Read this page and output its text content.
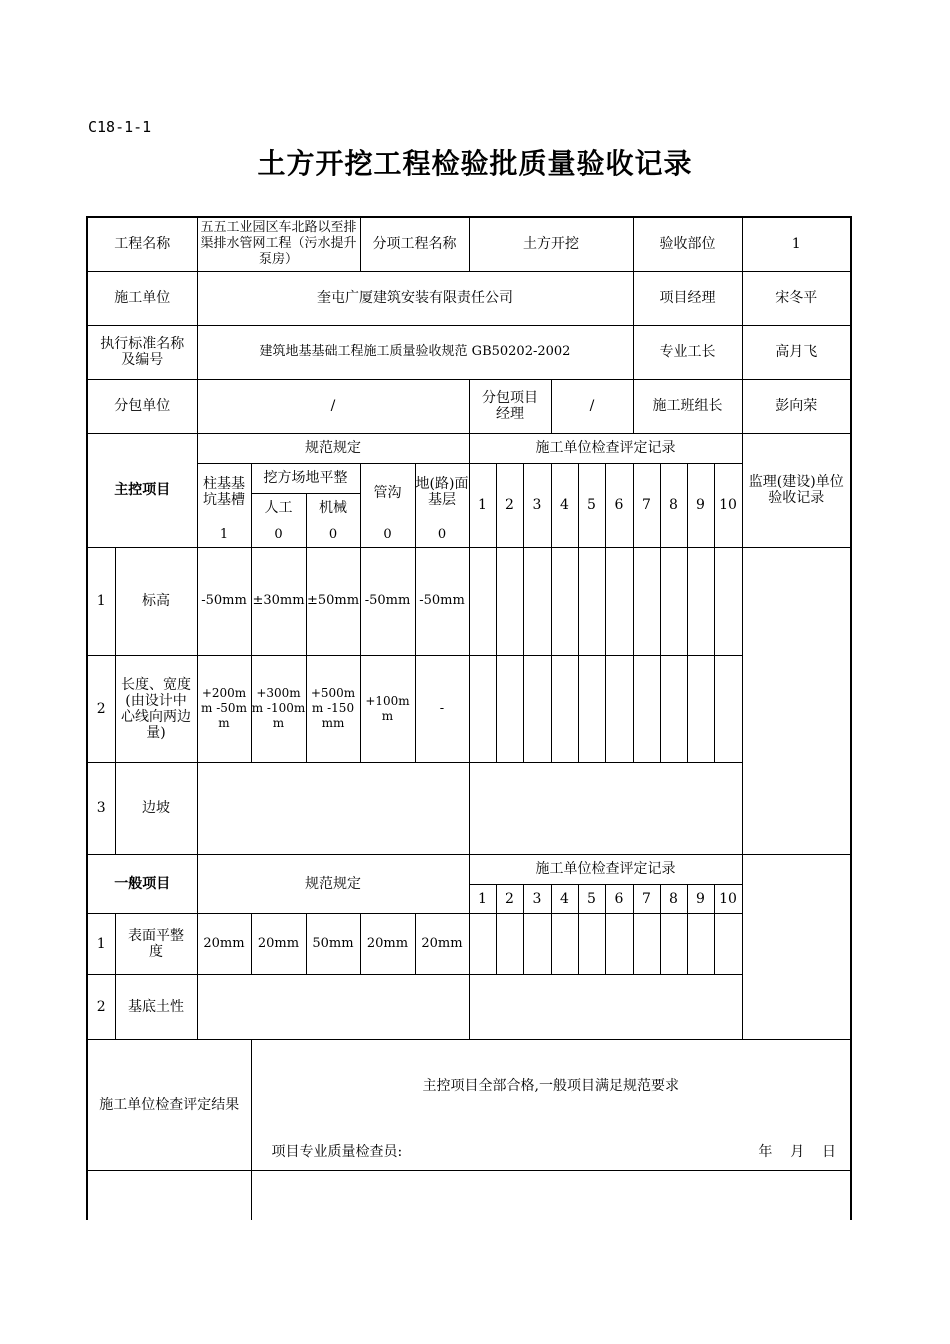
C18-1-1
土方开挖工程检验批质量验收记录
工程名称		五五工业园区车北路以至排渠排水管网工程（污水提升泵房）			分项工程名称		土方开挖						验收部位				1
施工单位		奎屯广厦建筑安装有限责任公司											项目经理				宋冬平
执行标准名称及编号		建筑地基基础工程施工质量验收规范 GB50202-2002											专业工长				高月飞
分包单位		/					分包项目经理			/			施工班组长				彭向荣
主控项目		规范规定					施工单位检查评定记录										监理(建设)单位验收记录
		柱基基坑基槽	挖方场地平整		管沟	地(路)面基层	1	2	3	4	5	6	7	8	9	10	
			人工	机械													
		1	0	0	0	0											
1	标高	-50mm	±30mm	±50mm	-50mm	-50mm											
2	长度、宽度(由设计中心线向两边量)	+200mm -50mm	+300mm -100mm	+500mm -150mm	+100mm	-											
3	边坡																
一般项目		规范规定					施工单位检查评定记录										
							1	2	3	4	5	6	7	8	9	10	
1	表面平整度	20mm	20mm	50mm	20mm	20mm											
2	基底土性																
施工单位检查评定结果			主控项目全部合格,一般项目满足规范要求
项目专业质量检查员: 年    月    日														
